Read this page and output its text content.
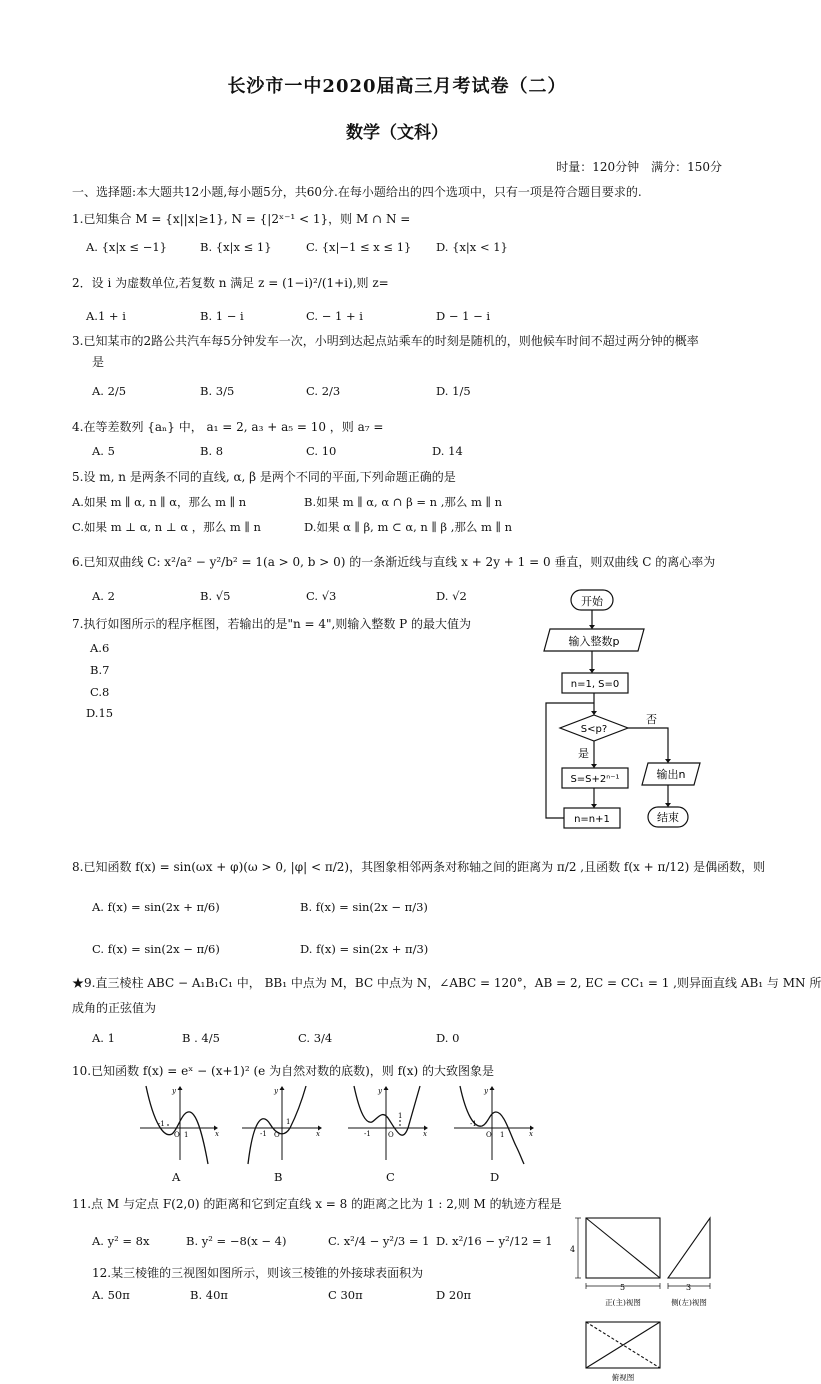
长沙市一中2020届高三月考试卷（二）
数学（文科）
时量：120分钟　满分：150分
一、选择题:本大题共12小题,每小题5分，共60分.在每小题给出的四个选项中，只有一项是符合题目要求的.
1.已知集合 M = {x||x|≥1}, N = {|2ˣ⁻¹ < 1}，则 M ∩ N =
A. {x|x ≤ −1}	B. {x|x ≤ 1}	C. {x|−1 ≤ x ≤ 1} D. {x|x < 1}
2．设 i 为虚数单位,若复数 n 满足 z = (1−i)²/(1+i),则 z=
A.1 + i	B. 1 − i	C. − 1 + i	D − 1 − i
3.已知某市的2路公共汽车每5分钟发车一次，小明到达起点站乘车的时刻是随机的，则他候车时间不超过两分钟的概率
是
A. 2/5	B. 3/5	C. 2/3	D. 1/5
4.在等差数列 {aₙ} 中， a₁ = 2, a₃ + a₅ = 10 ，则 a₇ =
A. 5	B. 8	C. 10	D. 14
5.设 m, n 是两条不同的直线, α, β 是两个不同的平面,下列命题正确的是
A.如果 m ∥ α, n ∥ α，那么 m ∥ n	B.如果 m ∥ α, α ∩ β = n ,那么 m ∥ n
C.如果 m ⊥ α, n ⊥ α ，那么 m ∥ n	D.如果 α ∥ β, m ⊂ α, n ∥ β ,那么 m ∥ n
6.已知双曲线 C: x²/a² − y²/b² = 1(a > 0, b > 0) 的一条渐近线与直线 x + 2y + 1 = 0 垂直，则双曲线 C 的离心率为
A. 2	B. √5	C. √3	D. √2
7.执行如图所示的程序框图，若输出的是"n = 4",则输入整数 P 的最大值为
A.6
B.7
C.8
D.15
开始
输入整数p
n=1, S=0
S<p?
否
是
S=S+2ⁿ⁻¹	输出n
n=n+1	结束
8.已知函数 f(x) = sin(ωx + φ)(ω > 0, |φ| < π/2)，其图象相邻两条对称轴之间的距离为 π/2 ,且函数 f(x + π/12) 是偶函数，则
A. f(x) = sin(2x + π/6)	B. f(x) = sin(2x − π/3)
C. f(x) = sin(2x − π/6)	D. f(x) = sin(2x + π/3)
★9.直三棱柱 ABC − A₁B₁C₁ 中， BB₁ 中点为 M，BC 中点为 N，∠ABC = 120°，AB = 2, EC = CC₁ = 1 ,则异面直线 AB₁ 与 MN 所
成角的正弦值为
A. 1	B . 4/5	C. 3/4	D. 0
10.已知函数 f(x) = eˣ − (x+1)² (e 为自然对数的底数)，则 f(x) 的大致图象是
x
y
-1
O 1
A
x
y
-1 O
1
B
x
y
-1 O
1
C
x
y
-1
O 1
D
11.点 M 与定点 F(2,0) 的距离和它到定直线 x = 8 的距离之比为 1 : 2,则 M 的轨迹方程是
A. y² = 8x	B. y² = −8(x − 4)	C. x²/4 − y²/3 = 1 D. x²/16 − y²/12 = 1
12.某三棱锥的三视图如图所示，则该三棱锥的外接球表面积为
A. 50π	B. 40π	C 30π	D 20π
4
5	3
正(主)视图	侧(左)视图
俯视图
